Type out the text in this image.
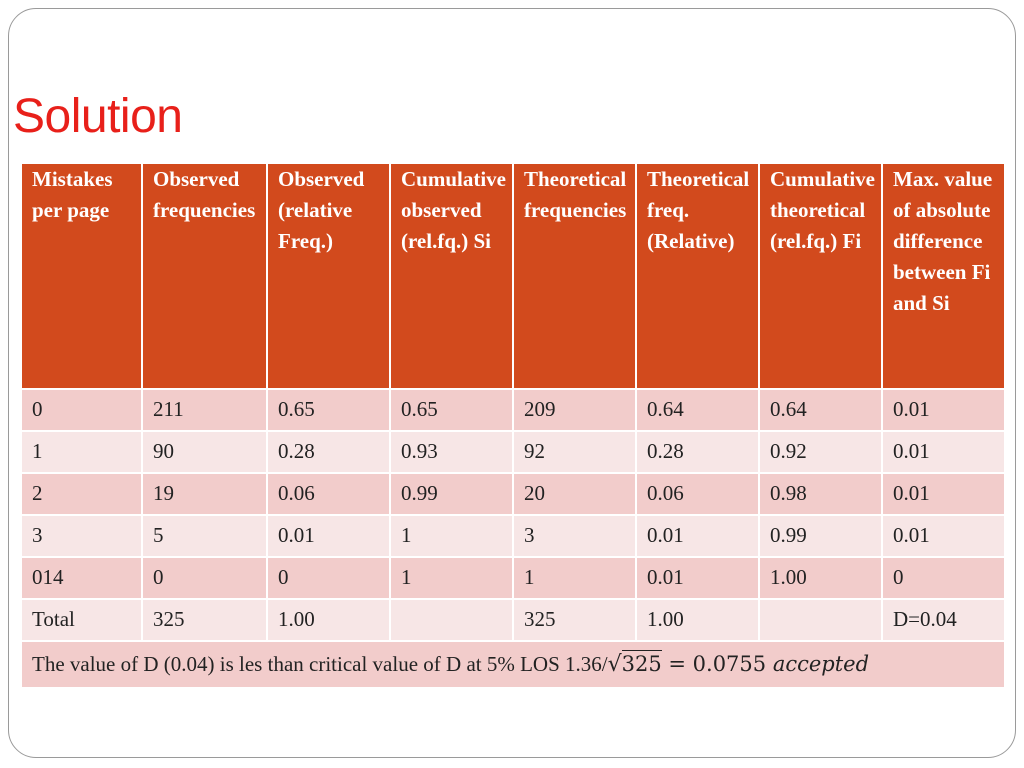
Solution
Mistakes per page	Observed frequencies	Observed (relative Freq.)	Cumulative observed (rel.fq.) Si	Theoretical frequencies	Theoretical freq. (Relative)	Cumulative theoretical (rel.fq.) Fi	Max. value of absolute difference between Fi and Si
0	211	0.65	0.65	209	0.64	0.64	0.01
1	90	0.28	0.93	92	0.28	0.92	0.01
2	19	0.06	0.99	20	0.06	0.98	0.01
3	5	0.01	1	3	0.01	0.99	0.01
014	0	0	1	1	0.01	1.00	0
Total	325	1.00		325	1.00		D=0.04
The value of D (0.04) is les than critical value of D at 5% LOS 1.36/√325 = 0.0755 accepted							
